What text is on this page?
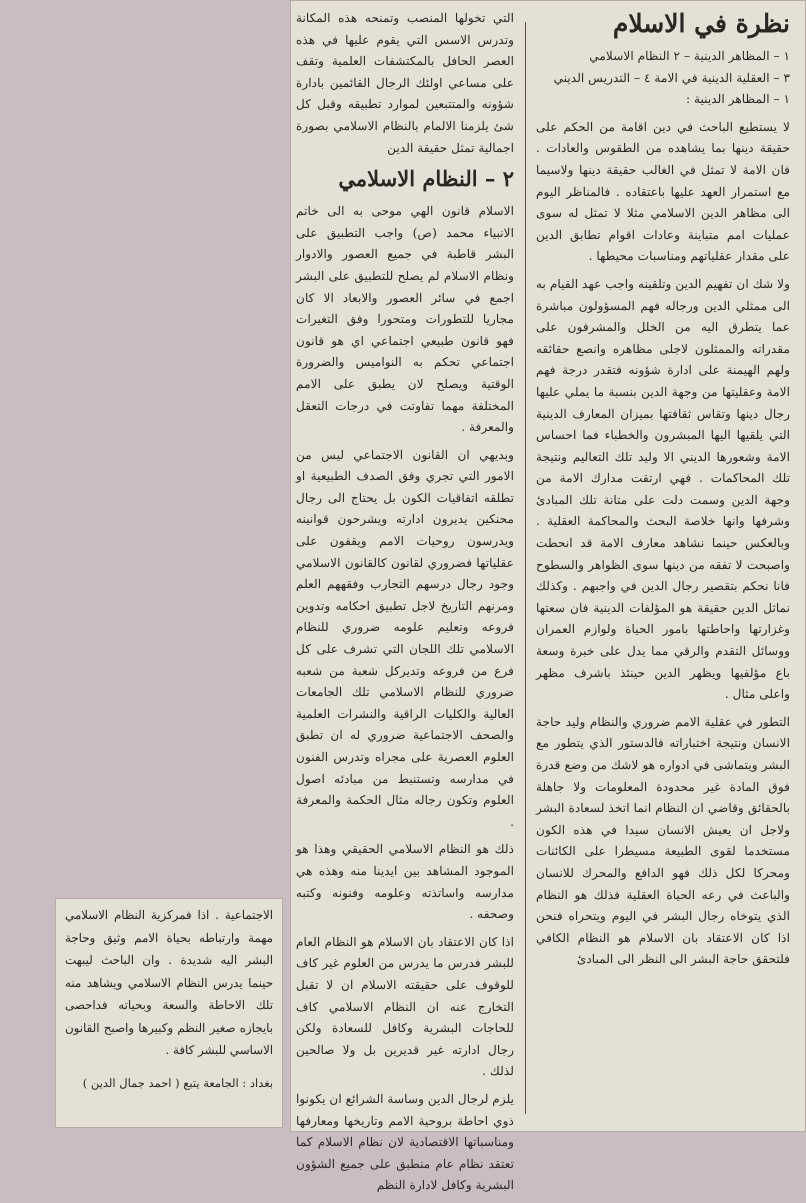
نظرة في الاسلام
١ – المظاهر الدينية – ٢ النظام الاسلامي
٣ – العقلية الدينية في الامة ٤ – التدريس الديني
١ – المظاهر الدينية :

لا يستطيع الباحث في دين اقامة من الحكم على حقيقة دينها بما يشاهده من الطقوس والعادات . فان الامة لا تمثل في الغالب حقيقة دينها ولاسيما مع استمرار العهد عليها باعتقاده . فالمناظر اليوم الى مظاهر الدين الاسلامي مثلا لا تمثل له سوى عمليات امم متباينة وعادات اقوام تطابق الدين على مقدار عقلياتهم ومناسبات محيطها .

ولا شك ان تفهيم الدين وتلقينه واجب عهد القيام به الى ممثلي الدين ورجاله فهم المسؤولون مباشرة عما يتطرق اليه من الخلل والمشرفون على مقدراته والممثلون لاجلى مظاهره وانصع حقائقه ولهم الهيمنة على ادارة شؤونه فتقدر درجة فهم الامة وعقليتها من وجهة الدين بنسبة ما يملي عليها رجال دينها وتقاس ثقافتها بميزان المعارف الدينية التي يلقيها اليها المبشرون والخطباء فما احساس الامة وشعورها الديني الا وليد تلك التعاليم ونتيجة تلك المحاكمات . فهي ارتقت مدارك الامة من وجهة الدين وسمت دلت على متانة تلك المبادئ وشرفها وانها خلاصة البحث والمحاكمة العقلية . وبالعكس حينما نشاهد معارف الامة قد انحطت واصبحت لا تفقه من دينها سوى الظواهر والسطوح فانا نحكم بتقصير رجال الدين في واجبهم . وكذلك نماثل الدين حقيقة هو المؤلفات الدينية فان سعتها وغزارتها واحاطتها بامور الحياة ولوازم العمران ووسائل التقدم والرقي مما يدل على خبرة وسعة باع مؤلفيها ويظهر الدين حينئذ باشرف مظهر واعلى مثال .

التطور في عقلية الامم ضروري والنظام وليد حاجة الانسان ونتيجة اختباراته فالدستور الذي يتطور مع البشر ويتماشى في ادواره هو لاشك من وضع قدرة فوق المادة غير محدودة المعلومات ولا جاهلة بالحقائق وقاضي ان النظام انما اتخذ لسعادة البشر ولاجل ان يعيش الانسان سيدا في هذه الكون مستخدما لقوى الطبيعة مسيطرا على الكائنات ومحركا لكل ذلك فهو الدافع والمحرك للانسان والباعث في رعه الحياة العقلية فذلك هو النظام الذي يتوخاه رجال البشر في اليوم ويتحراه فنحن اذا كان الاعتقاد بان الاسلام هو النظام الكافي فلتحقق حاجة البشر الى النظر الى المبادئ

التي تخولها المنصب وتمنحه هذه المكانة وتدرس الاسس التي يقوم عليها في هذه العصر الحافل بالمكتشفات العلمية وتقف على مساعي اولئك الرجال القائمين بادارة شؤونه والمتتبعين لموارد تطبيقه وقبل كل شئ يلزمنا الالمام بالنظام الاسلامي بصورة اجمالية تمثل حقيقة الدين

٢ – النظام الاسلامي

الاسلام قانون الهي موحى به الى خاتم الانبياء محمد (ص) واجب التطبيق على البشر قاطبة في جميع العصور والادوار ونظام الاسلام لم يصلح للتطبيق على البشر اجمع في سائر العصور والابعاد الا كان مجاريا للتطورات ومتحورا وفق التغيرات فهو قانون طبيعي اجتماعي اي هو قانون اجتماعي تحكم به النواميس والضرورة الوقتية ويصلح لان يطبق على الامم المختلفة مهما تفاوتت في درجات التعقل والمعرفة .

وبديهي ان القانون الاجتماعي ليس من الامور التي تجري وفق الصدف الطبيعية او تطلقه اتفاقيات الكون بل يحتاج الى رجال محنكين يديرون ادارته ويشرحون قوانينه ويدرسون روحيات الامم ويقفون على عقلياتها فضروري لقانون كالقانون الاسلامي وجود رجال درسهم التجارب وفقههم العلم ومرنهم التاريخ لاجل تطبيق احكامه وتدوين فروعه وتعليم علومه ضروري للنظام الاسلامي تلك اللجان التي تشرف على كل فرع من فروعه وتديركل شعبة من شعبه ضروري للنظام الاسلامي تلك الجامعات العالية والكليات الراقية والنشرات العلمية والصحف الاجتماعية ضروري له ان تطبق العلوم العصرية على مجراه وتدرس الفنون في مدارسه وتستنبط من مبادئه اصول العلوم وتكون رجاله مثال الحكمة والمعرفة .

ذلك هو النظام الاسلامي الحقيقي وهذا هو الموجود المشاهد بين ايدينا منه وهذه هي مدارسه واساتذته وعلومه وفنونه وكتبه وصحفه .

اذا كان الاعتقاد بان الاسلام هو النظام العام للبشر فدرس ما يدرس من العلوم غير كاف للوقوف على حقيقته الاسلام ان لا تقبل التخارج عنه ان النظام الاسلامي كاف للحاجات البشرية وكافل للسعادة ولكن رجال ادارته غير قديرين بل ولا صالحين لذلك .

يلزم لرجال الدين وساسة الشرائع ان يكونوا ذوي احاطة بروحية الامم وتاريخها ومعارفها ومناسباتها الاقتصادية لان نظام الاسلام كما تعتقد نظام عام منطبق على جميع الشؤون البشرية وكافل لادارة النظم

الاجتماعية . اذا فمركزية النظام الاسلامي مهمة وارتباطه بحياة الامم وثيق وحاجة البشر اليه شديدة . وان الباحث ليبهت حينما يدرس النظام الاسلامي ويشاهد منه تلك الاحاطة والسعة وبحياته فداحصى بايجازه صغير النظم وكبيرها واصبح القانون الاساسي للبشر كافة .

بغداد : الجامعة يتبع ( احمد جمال الدين )
